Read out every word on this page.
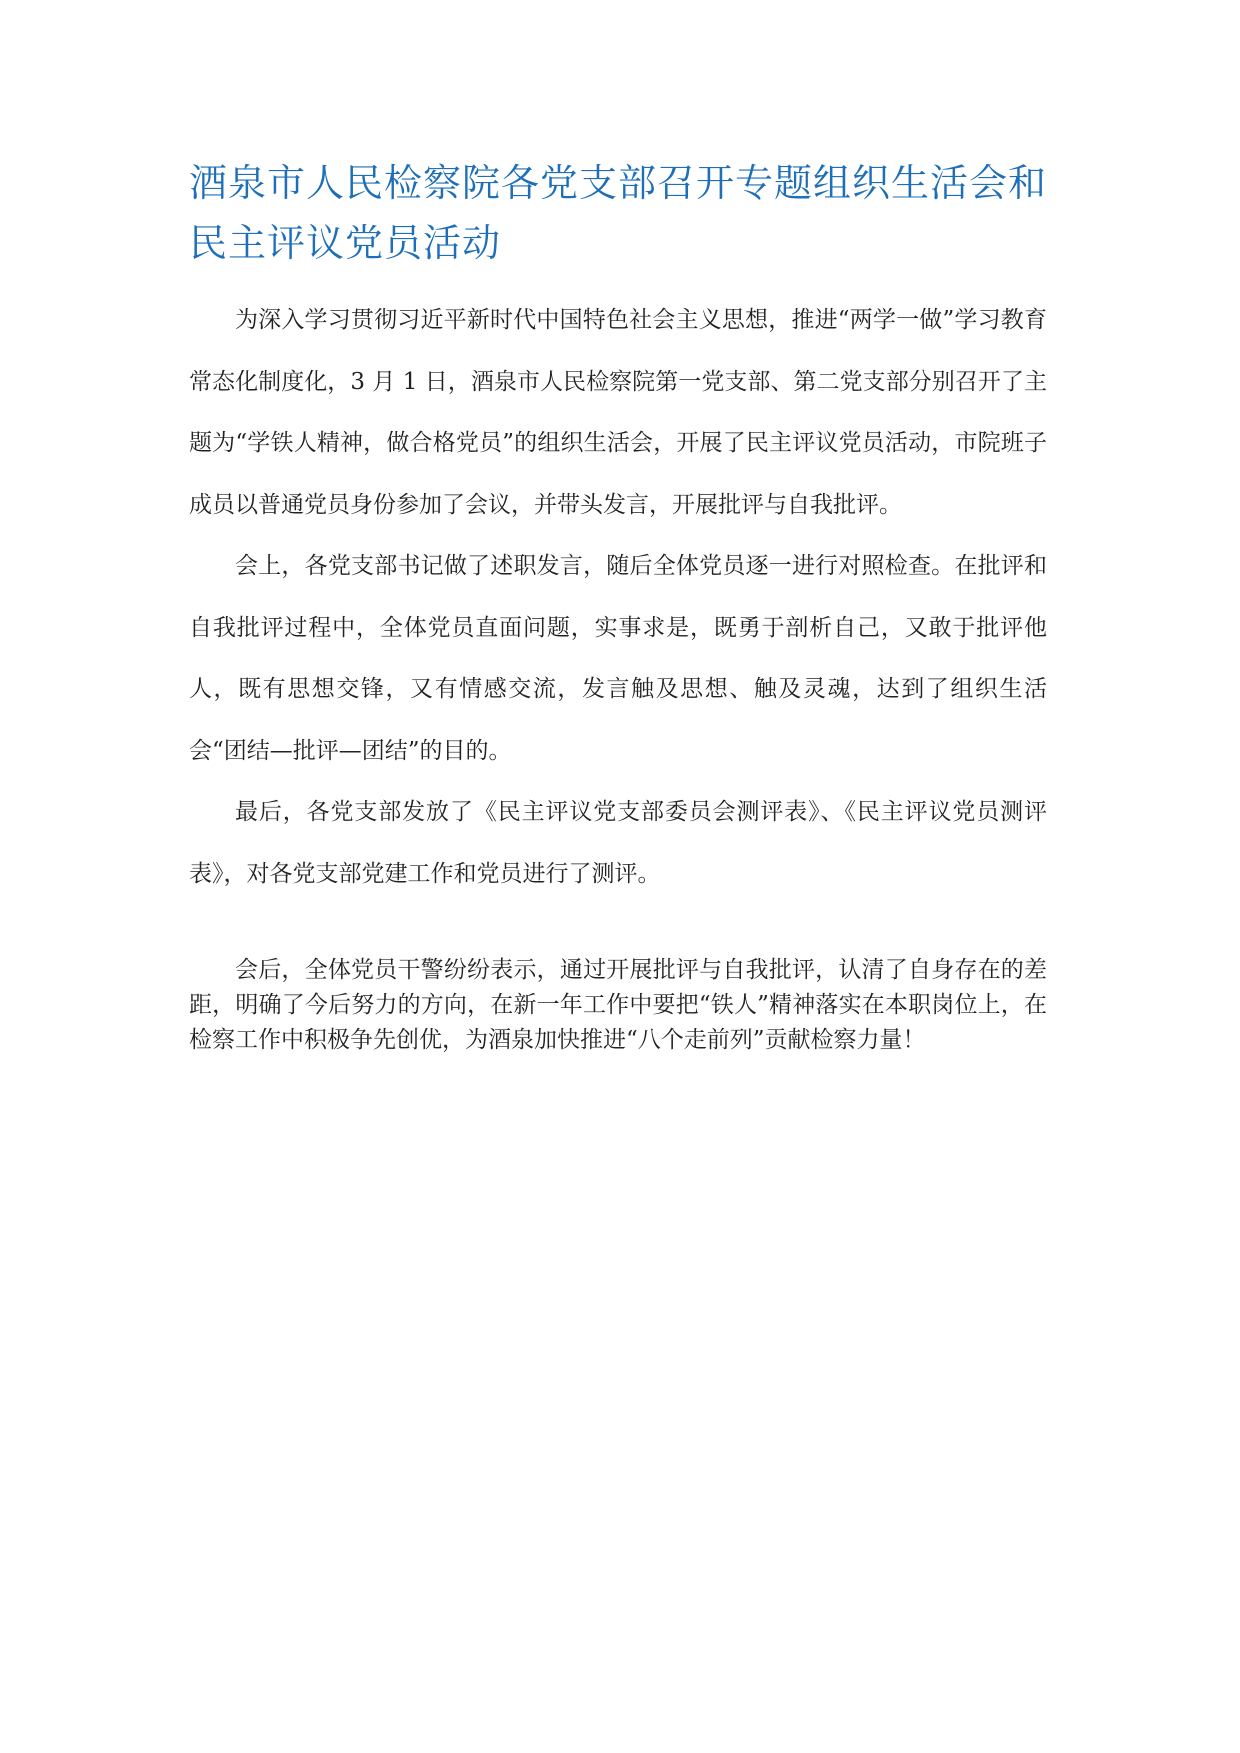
酒泉市人民检察院各党支部召开专题组织生活会和民主评议党员活动

为深入学习贯彻习近平新时代中国特色社会主义思想，推进“两学一做”学习教育常态化制度化，3 月 1 日，酒泉市人民检察院第一党支部、第二党支部分别召开了主题为“学铁人精神，做合格党员”的组织生活会，开展了民主评议党员活动，市院班子成员以普通党员身份参加了会议，并带头发言，开展批评与自我批评。

会上，各党支部书记做了述职发言，随后全体党员逐一进行对照检查。在批评和自我批评过程中，全体党员直面问题，实事求是，既勇于剖析自己，又敢于批评他人，既有思想交锋，又有情感交流，发言触及思想、触及灵魂，达到了组织生活会“团结—批评—团结”的目的。

最后，各党支部发放了《民主评议党支部委员会测评表》、《民主评议党员测评表》，对各党支部党建工作和党员进行了测评。

会后，全体党员干警纷纷表示，通过开展批评与自我批评，认清了自身存在的差距，明确了今后努力的方向，在新一年工作中要把“铁人”精神落实在本职岗位上，在检察工作中积极争先创优，为酒泉加快推进“八个走前列”贡献检察力量！
